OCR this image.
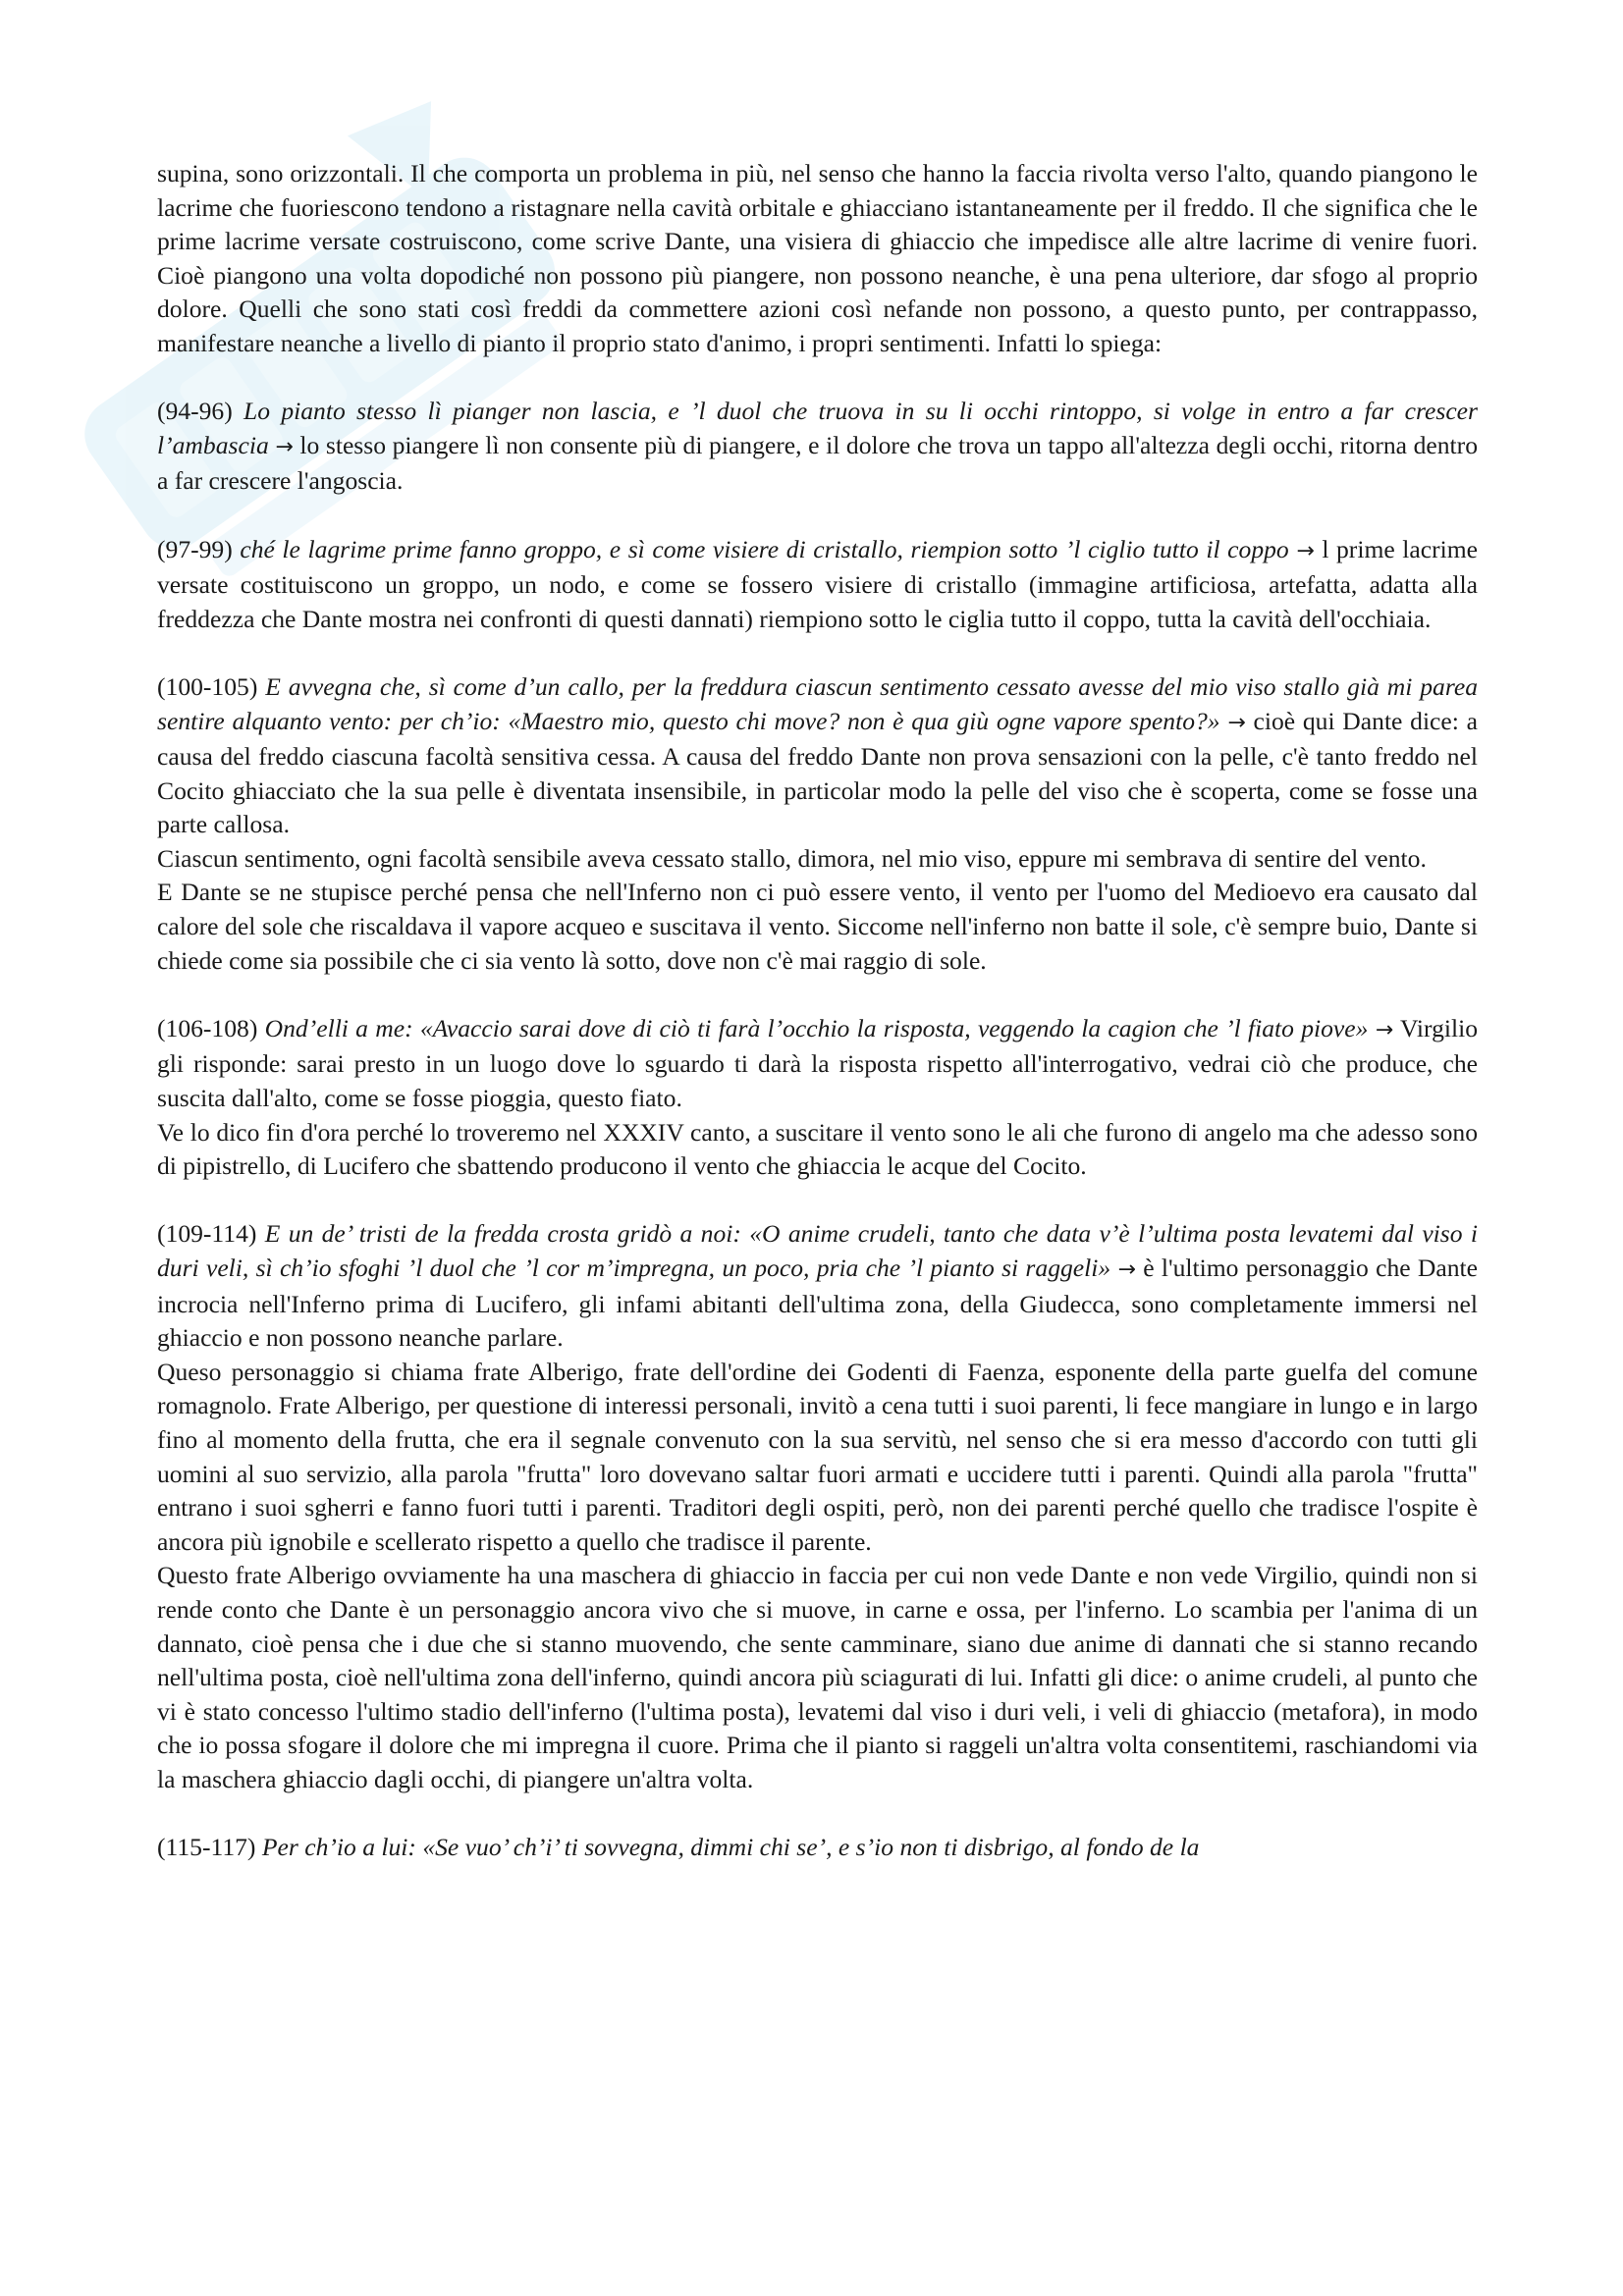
supina, sono orizzontali. Il che comporta un problema in più, nel senso che hanno la faccia rivolta verso l'alto, quando piangono le lacrime che fuoriescono tendono a ristagnare nella cavità orbitale e ghiacciano istantaneamente per il freddo. Il che significa che le prime lacrime versate costruiscono, come scrive Dante, una visiera di ghiaccio che impedisce alle altre lacrime di venire fuori. Cioè piangono una volta dopodiché non possono più piangere, non possono neanche, è una pena ulteriore, dar sfogo al proprio dolore. Quelli che sono stati così freddi da commettere azioni così nefande non possono, a questo punto, per contrappasso, manifestare neanche a livello di pianto il proprio stato d'animo, i propri sentimenti. Infatti lo spiega:

(94-96) Lo pianto stesso lì pianger non lascia, e ’l duol che truova in su li occhi rintoppo, si volge in entro a far crescer l’ambascia → lo stesso piangere lì non consente più di piangere, e il dolore che trova un tappo all'altezza degli occhi, ritorna dentro a far crescere l'angoscia.

(97-99) ché le lagrime prime fanno groppo, e sì come visiere di cristallo, riempion sotto ’l ciglio tutto il coppo → l prime lacrime versate costituiscono un groppo, un nodo, e come se fossero visiere di cristallo (immagine artificiosa, artefatta, adatta alla freddezza che Dante mostra nei confronti di questi dannati) riempiono sotto le ciglia tutto il coppo, tutta la cavità dell'occhiaia.

(100-105) E avvegna che, sì come d’un callo, per la freddura ciascun sentimento cessato avesse del mio viso stallo già mi parea sentire alquanto vento: per ch’io: «Maestro mio, questo chi move? non è qua giù ogne vapore spento?» → cioè qui Dante dice: a causa del freddo ciascuna facoltà sensitiva cessa. A causa del freddo Dante non prova sensazioni con la pelle, c'è tanto freddo nel Cocito ghiacciato che la sua pelle è diventata insensibile, in particolar modo la pelle del viso che è scoperta, come se fosse una parte callosa.

Ciascun sentimento, ogni facoltà sensibile aveva cessato stallo, dimora, nel mio viso, eppure mi sembrava di sentire del vento.

E Dante se ne stupisce perché pensa che nell'Inferno non ci può essere vento, il vento per l'uomo del Medioevo era causato dal calore del sole che riscaldava il vapore acqueo e suscitava il vento. Siccome nell'inferno non batte il sole, c'è sempre buio, Dante si chiede come sia possibile che ci sia vento là sotto, dove non c'è mai raggio di sole.

(106-108) Ond’elli a me: «Avaccio sarai dove di ciò ti farà l’occhio la risposta, veggendo la cagion che ’l fiato piove» → Virgilio gli risponde: sarai presto in un luogo dove lo sguardo ti darà la risposta rispetto all'interrogativo, vedrai ciò che produce, che suscita dall'alto, come se fosse pioggia, questo fiato.

Ve lo dico fin d'ora perché lo troveremo nel XXXIV canto, a suscitare il vento sono le ali che furono di angelo ma che adesso sono di pipistrello, di Lucifero che sbattendo producono il vento che ghiaccia le acque del Cocito.

(109-114) E un de’ tristi de la fredda crosta gridò a noi: «O anime crudeli, tanto che data v’è l’ultima posta levatemi dal viso i duri veli, sì ch’io sfoghi ’l duol che ’l cor m’impregna, un poco, pria che ’l pianto si raggeli» → è l'ultimo personaggio che Dante incrocia nell'Inferno prima di Lucifero, gli infami abitanti dell'ultima zona, della Giudecca, sono completamente immersi nel ghiaccio e non possono neanche parlare.

Queso personaggio si chiama frate Alberigo, frate dell'ordine dei Godenti di Faenza, esponente della parte guelfa del comune romagnolo. Frate Alberigo, per questione di interessi personali, invitò a cena tutti i suoi parenti, li fece mangiare in lungo e in largo fino al momento della frutta, che era il segnale convenuto con la sua servitù, nel senso che si era messo d'accordo con tutti gli uomini al suo servizio, alla parola "frutta" loro dovevano saltar fuori armati e uccidere tutti i parenti. Quindi alla parola "frutta" entrano i suoi sgherri e fanno fuori tutti i parenti. Traditori degli ospiti, però, non dei parenti perché quello che tradisce l'ospite è ancora più ignobile e scellerato rispetto a quello che tradisce il parente.

Questo frate Alberigo ovviamente ha una maschera di ghiaccio in faccia per cui non vede Dante e non vede Virgilio, quindi non si rende conto che Dante è un personaggio ancora vivo che si muove, in carne e ossa, per l'inferno. Lo scambia per l'anima di un dannato, cioè pensa che i due che si stanno muovendo, che sente camminare, siano due anime di dannati che si stanno recando nell'ultima posta, cioè nell'ultima zona dell'inferno, quindi ancora più sciagurati di lui. Infatti gli dice: o anime crudeli, al punto che vi è stato concesso l'ultimo stadio dell'inferno (l'ultima posta), levatemi dal viso i duri veli, i veli di ghiaccio (metafora), in modo che io possa sfogare il dolore che mi impregna il cuore. Prima che il pianto si raggeli un'altra volta consentitemi, raschiandomi via la maschera ghiaccio dagli occhi, di piangere un'altra volta.

(115-117) Per ch’io a lui: «Se vuo’ ch’i’ ti sovvegna, dimmi chi se’, e s’io non ti disbrigo, al fondo de la
